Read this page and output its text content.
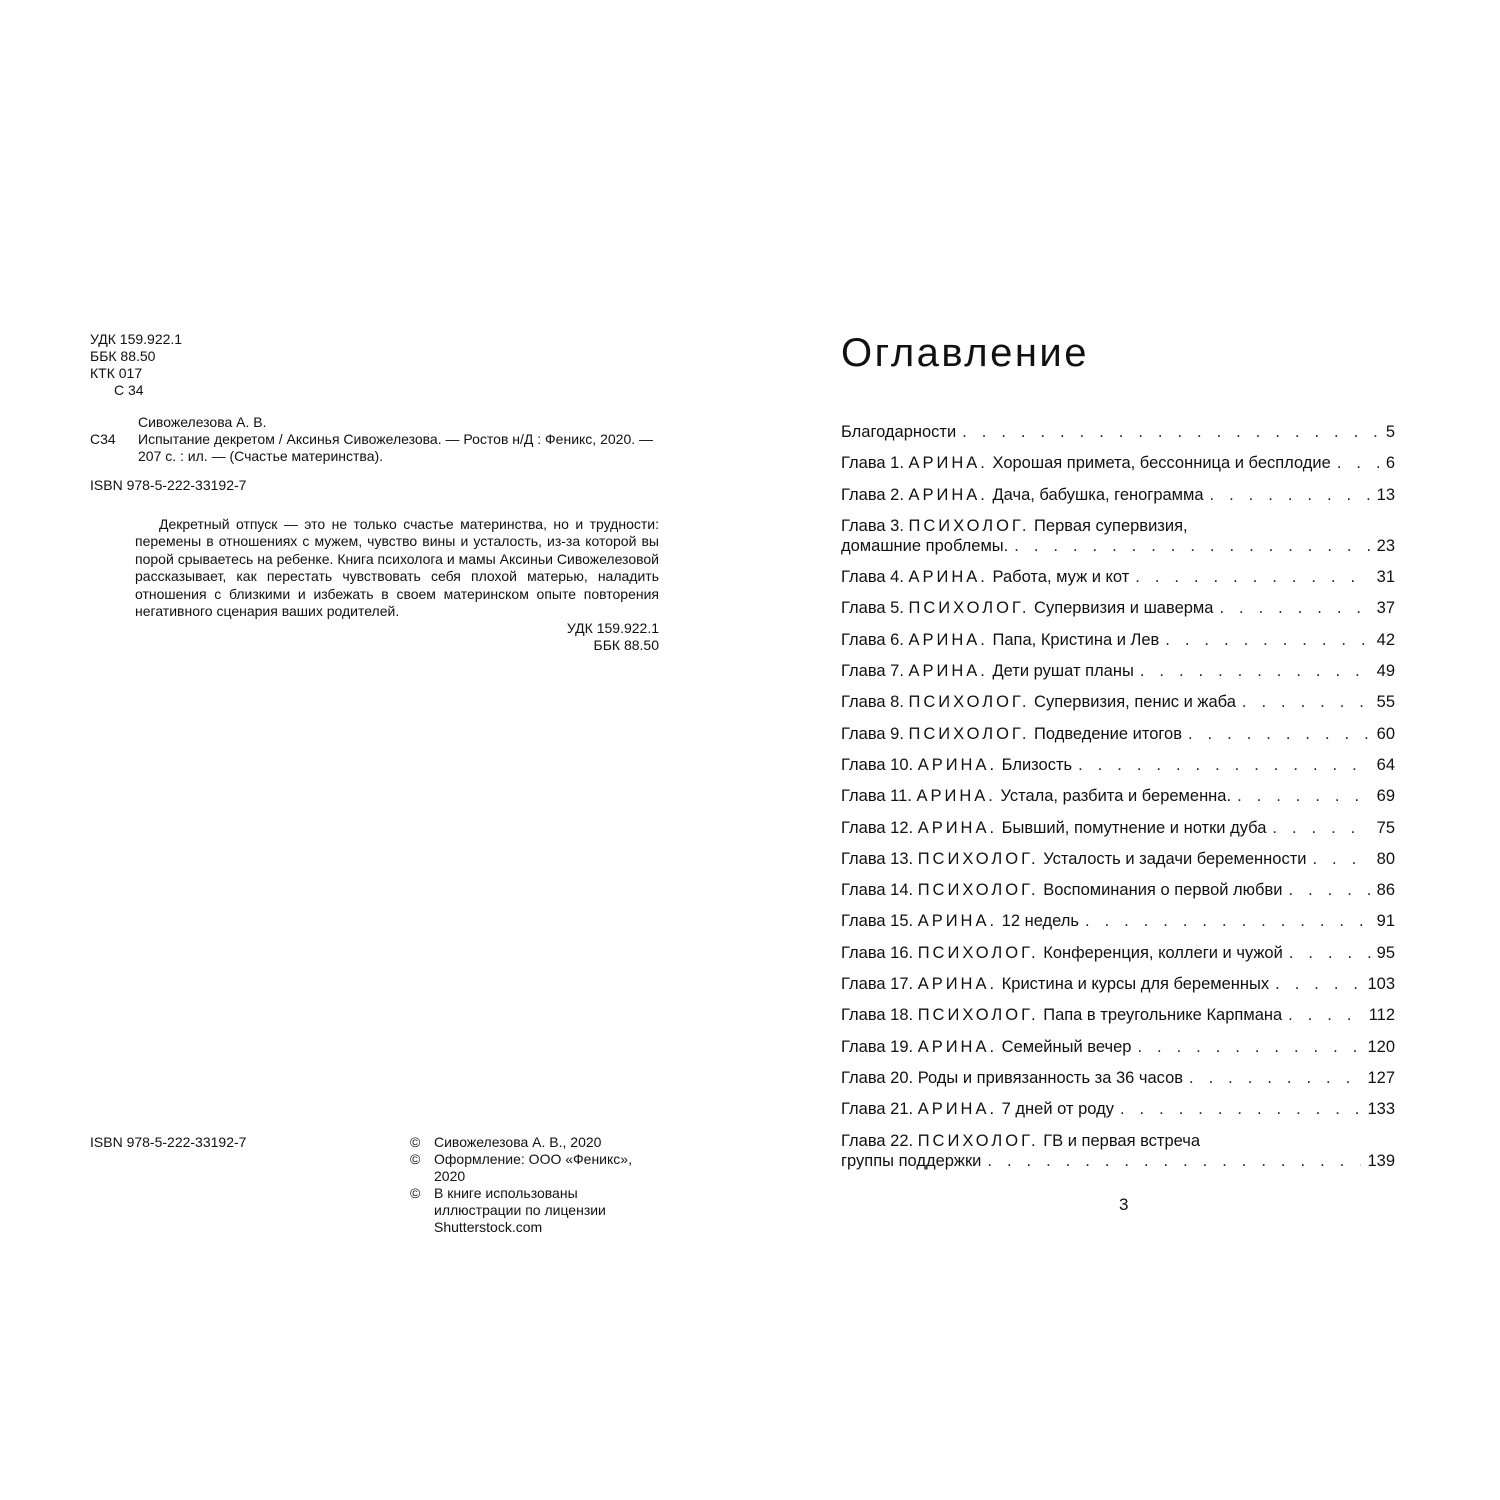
УДК 159.922.1
ББК 88.50
КТК 017
С 34
Сивожелезова А. В.
С34	Испытание декретом / Аксинья Сивожелезова. — Ростов н/Д : Феникс, 2020. —
207 с. : ил. — (Счастье материнства).
ISBN 978-5-222-33192-7

Декретный отпуск — это не только счастье материнства, но и трудности: перемены в отношениях с мужем, чувство вины и усталость, из-за которой вы порой срываетесь на ребенке. Книга психолога и мамы Аксиньи Сивожелезовой рассказывает, как перестать чувствовать себя плохой матерью, наладить отношения с близкими и избежать в своем материнском опыте повторения негативного сценария ваших родителей.

УДК 159.922.1
ББК 88.50
ISBN 978-5-222-33192-7	© Сивожелезова А. В., 2020
© Оформление: ООО «Феникс», 2020
© В книге использованы иллюстрации по лицензии Shutterstock.com
Оглавление
Благодарности . . .	5
Глава 1. АРИНА. Хорошая примета, бессонница и бесплодие . . .	6
Глава 2. АРИНА. Дача, бабушка, генограмма . . .	13
Глава 3. ПСИХОЛОГ. Первая супервизия,
домашние проблемы. . . .	23
Глава 4. АРИНА. Работа, муж и кот . . .	31
Глава 5. ПСИХОЛОГ. Супервизия и шаверма . . .	37
Глава 6. АРИНА. Папа, Кристина и Лев . . .	42
Глава 7. АРИНА. Дети рушат планы . . .	49
Глава 8. ПСИХОЛОГ. Супервизия, пенис и жаба . . .	55
Глава 9. ПСИХОЛОГ. Подведение итогов . . .	60
Глава 10. АРИНА. Близость . . .	64
Глава 11. АРИНА. Устала, разбита и беременна. . . .	69
Глава 12. АРИНА. Бывший, помутнение и нотки дуба . . .	75
Глава 13. ПСИХОЛОГ. Усталость и задачи беременности . . .	80
Глава 14. ПСИХОЛОГ. Воспоминания о первой любви . . .	86
Глава 15. АРИНА. 12 недель . . .	91
Глава 16. ПСИХОЛОГ. Конференция, коллеги и чужой . . .	95
Глава 17. АРИНА. Кристина и курсы для беременных . . .	103
Глава 18. ПСИХОЛОГ. Папа в треугольнике Карпмана . . .	112
Глава 19. АРИНА. Семейный вечер . . .	120
Глава 20. Роды и привязанность за 36 часов . . .	127
Глава 21. АРИНА. 7 дней от роду . . .	133
Глава 22. ПСИХОЛОГ. ГВ и первая встреча
группы поддержки . . .	139
3
